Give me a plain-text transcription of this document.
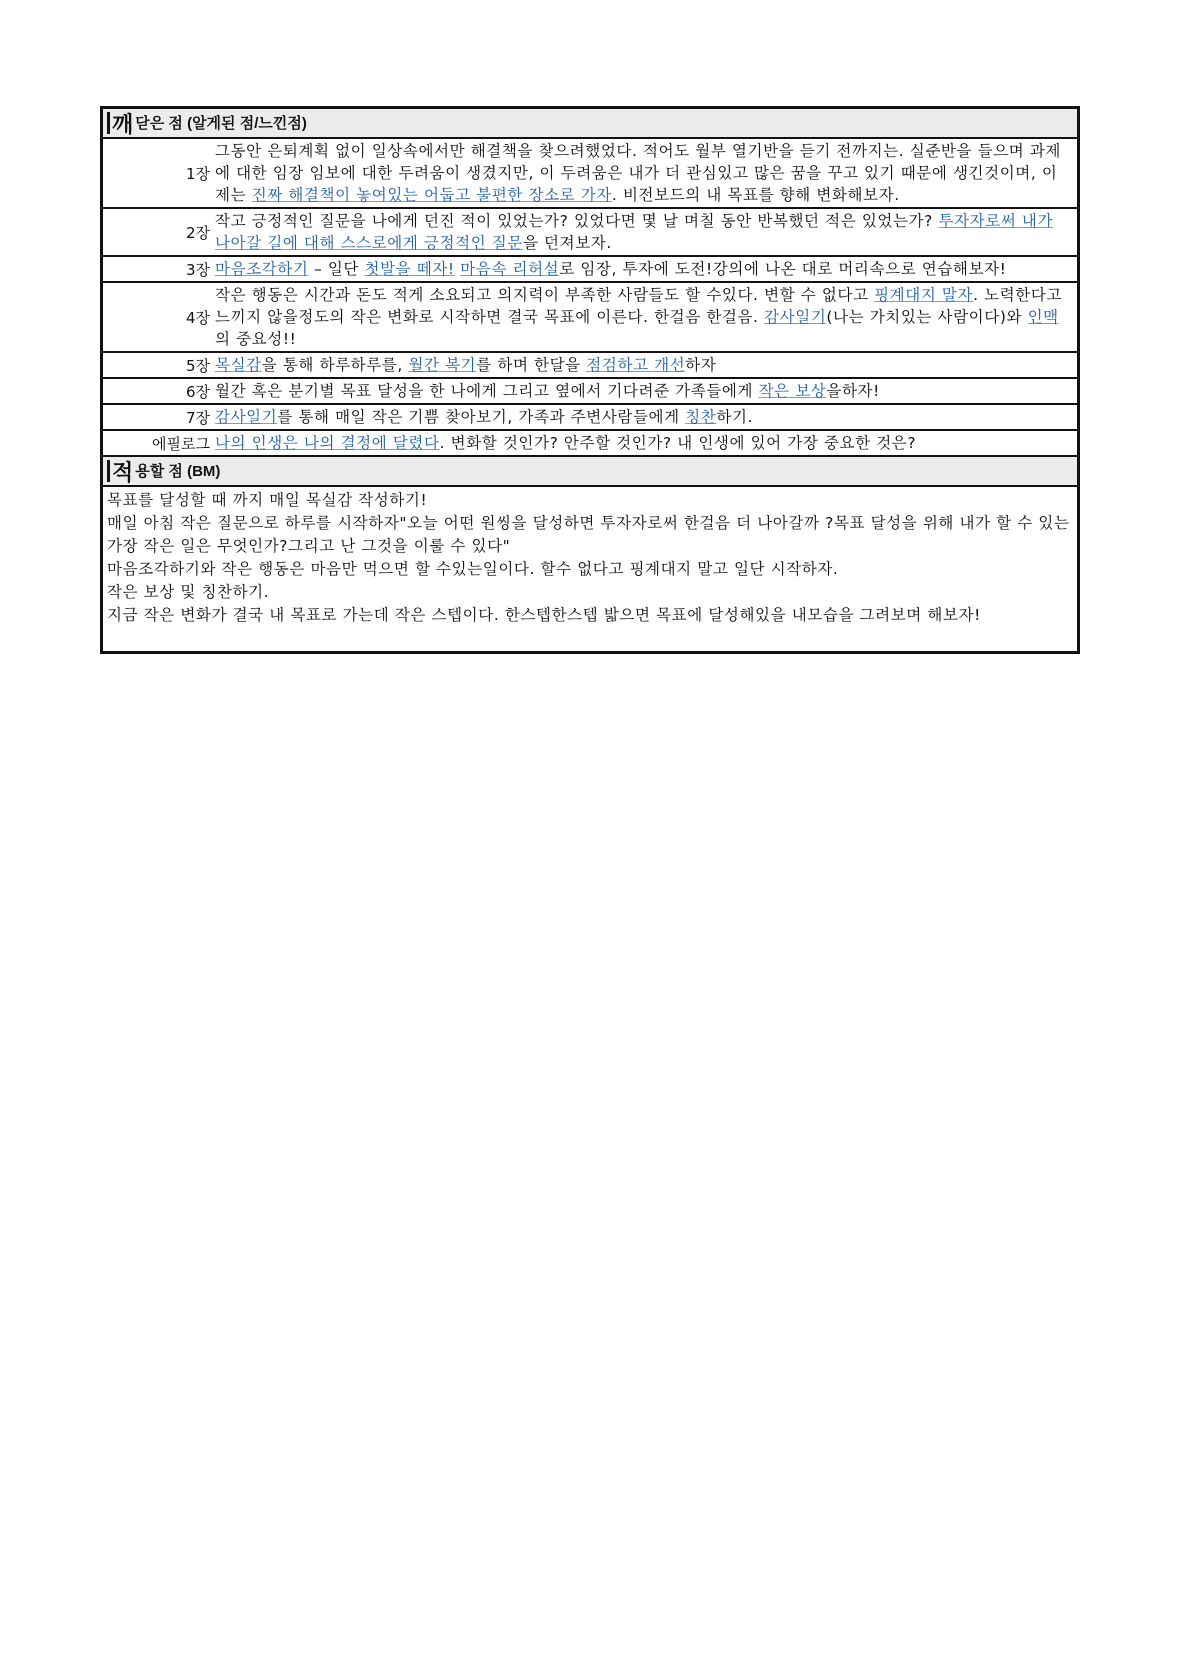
깨 닫은 점 (알게된 점/느낀점)
1장
그동안 은퇴계획 없이 일상속에서만 해결책을 찾으려했었다. 적어도 월부 열기반을 듣기 전까지는. 실준반을 들으며 과제에 대한 임장 임보에 대한 두려움이 생겼지만, 이 두려움은 내가 더 관심있고 많은 꿈을 꾸고 있기 때문에 생긴것이며, 이제는 진짜 해결책이 놓여있는 어둡고 불편한 장소로 가자. 비전보드의 내 목표를 향해 변화해보자.
2장
작고 긍정적인 질문을 나에게 던진 적이 있었는가? 있었다면 몇 날 며칠 동안 반복했던 적은 있었는가? 투자자로써 내가 나아갈 길에 대해 스스로에게 긍정적인 질문을 던져보자.
3장 마음조각하기 – 일단 첫발을 떼자! 마음속 리허설로 임장, 투자에 도전!강의에 나온 대로 머리속으로 연습해보자!
4장
작은 행동은 시간과 돈도 적게 소요되고 의지력이 부족한 사람들도 할 수있다. 변할 수 없다고 핑계대지 말자. 노력한다고 느끼지 않을정도의 작은 변화로 시작하면 결국 목표에 이른다. 한걸음 한걸음. 감사일기(나는 가치있는 사람이다)와 인맥의 중요성!!
5장 목실감을 통해 하루하루를, 월간 복기를 하며 한달을 점검하고 개선하자
6장 월간 혹은 분기별 목표 달성을 한 나에게 그리고 옆에서 기다려준 가족들에게 작은 보상을하자!
7장 감사일기를 통해 매일 작은 기쁨 찾아보기, 가족과 주변사람들에게 칭찬하기.
에필로그 나의 인생은 나의 결정에 달렸다. 변화할 것인가? 안주할 것인가? 내 인생에 있어 가장 중요한 것은?
적 용할 점 (BM)
목표를 달성할 때 까지 매일 목실감 작성하기!
매일 아침 작은 질문으로 하루를 시작하자"오늘 어떤 원씽을 달성하면 투자자로써 한걸음 더 나아갈까 ?목표 달성을 위해 내가 할 수 있는 가장 작은 일은 무엇인가?그리고 난 그것을 이룰 수 있다"
마음조각하기와 작은 행동은 마음만 먹으면 할 수있는일이다. 할수 없다고 핑계대지 말고 일단 시작하자.
작은 보상 및 칭찬하기.
지금 작은 변화가 결국 내 목표로 가는데 작은 스텝이다. 한스텝한스텝 밟으면 목표에 달성해있을 내모습을 그려보며 해보자!
